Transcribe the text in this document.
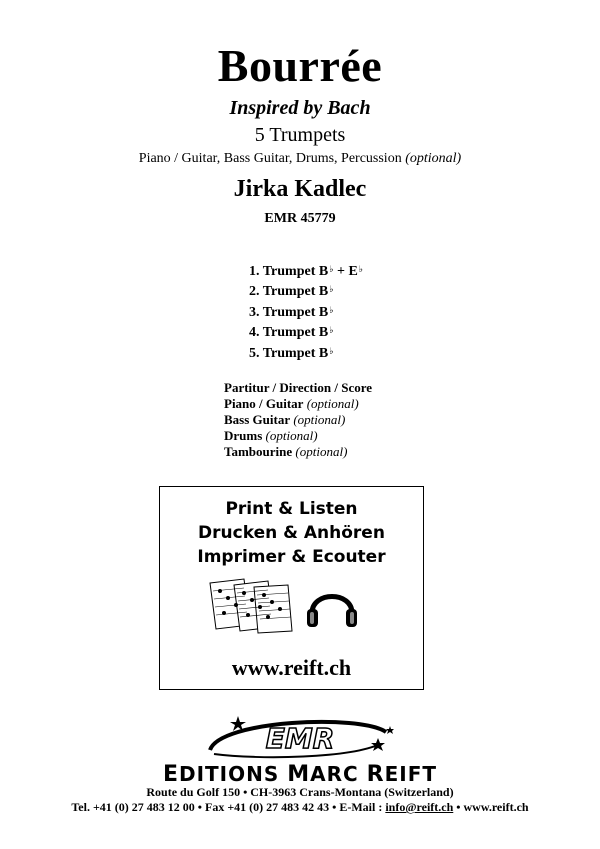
Bourrée
Inspired by Bach
5 Trumpets
Piano / Guitar, Bass Guitar, Drums, Percussion (optional)
Jirka Kadlec
EMR 45779
1. Trumpet B♭ + E♭
2. Trumpet B♭
3. Trumpet B♭
4. Trumpet B♭
5. Trumpet B♭
Partitur / Direction / Score
Piano / Guitar (optional)
Bass Guitar (optional)
Drums (optional)
Tambourine (optional)
Print & Listen
Drucken & Anhören
Imprimer & Ecouter
www.reift.ch
EMR
EDITIONS MARC REIFT
Route du Golf 150 • CH-3963 Crans-Montana (Switzerland)
Tel. +41 (0) 27 483 12 00 • Fax +41 (0) 27 483 42 43 • E-Mail : info@reift.ch • www.reift.ch
